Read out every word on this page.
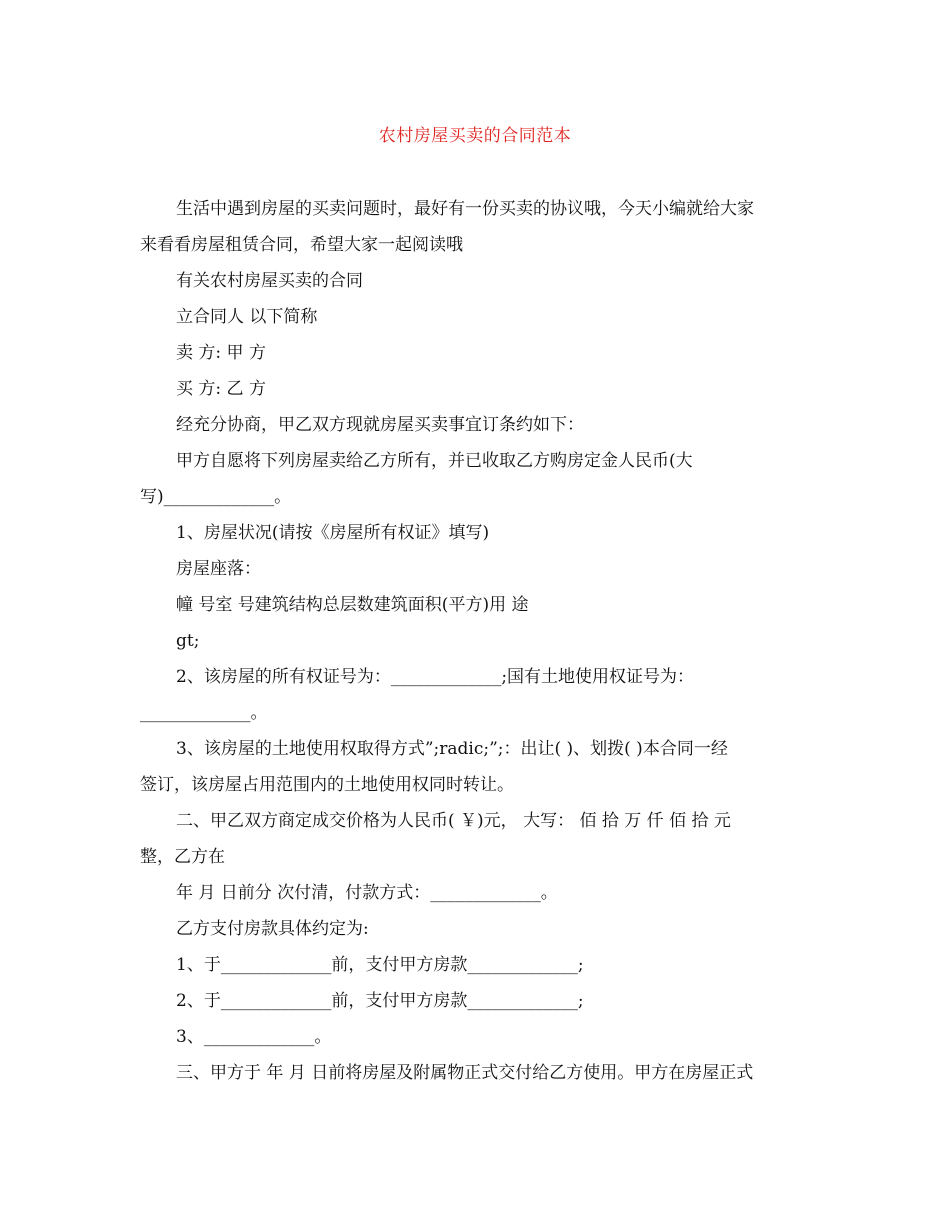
农村房屋买卖的合同范本

生活中遇到房屋的买卖问题时，最好有一份买卖的协议哦，今天小编就给大家

来看看房屋租赁合同，希望大家一起阅读哦

有关农村房屋买卖的合同

立合同人 以下简称

卖 方: 甲 方

买 方: 乙 方

经充分协商，甲乙双方现就房屋买卖事宜订条约如下：

甲方自愿将下列房屋卖给乙方所有，并已收取乙方购房定金人民币(大

写)_____________。

1、房屋状况(请按《房屋所有权证》填写)

房屋座落：

幢 号室 号建筑结构总层数建筑面积(平方)用 途

gt;

2、该房屋的所有权证号为：_____________;国有土地使用权证号为：

_____________。

3、该房屋的土地使用权取得方式”;radic;”;：出让( )、划拨( )本合同一经

签订，该房屋占用范围内的土地使用权同时转让。

二、甲乙双方商定成交价格为人民币( ￥)元， 大写： 佰 拾 万 仟 佰 拾 元

整，乙方在

年 月 日前分 次付清，付款方式：_____________。

乙方支付房款具体约定为:

1、于_____________前，支付甲方房款_____________;

2、于_____________前，支付甲方房款_____________;

3、_____________。

三、甲方于 年 月 日前将房屋及附属物正式交付给乙方使用。甲方在房屋正式
